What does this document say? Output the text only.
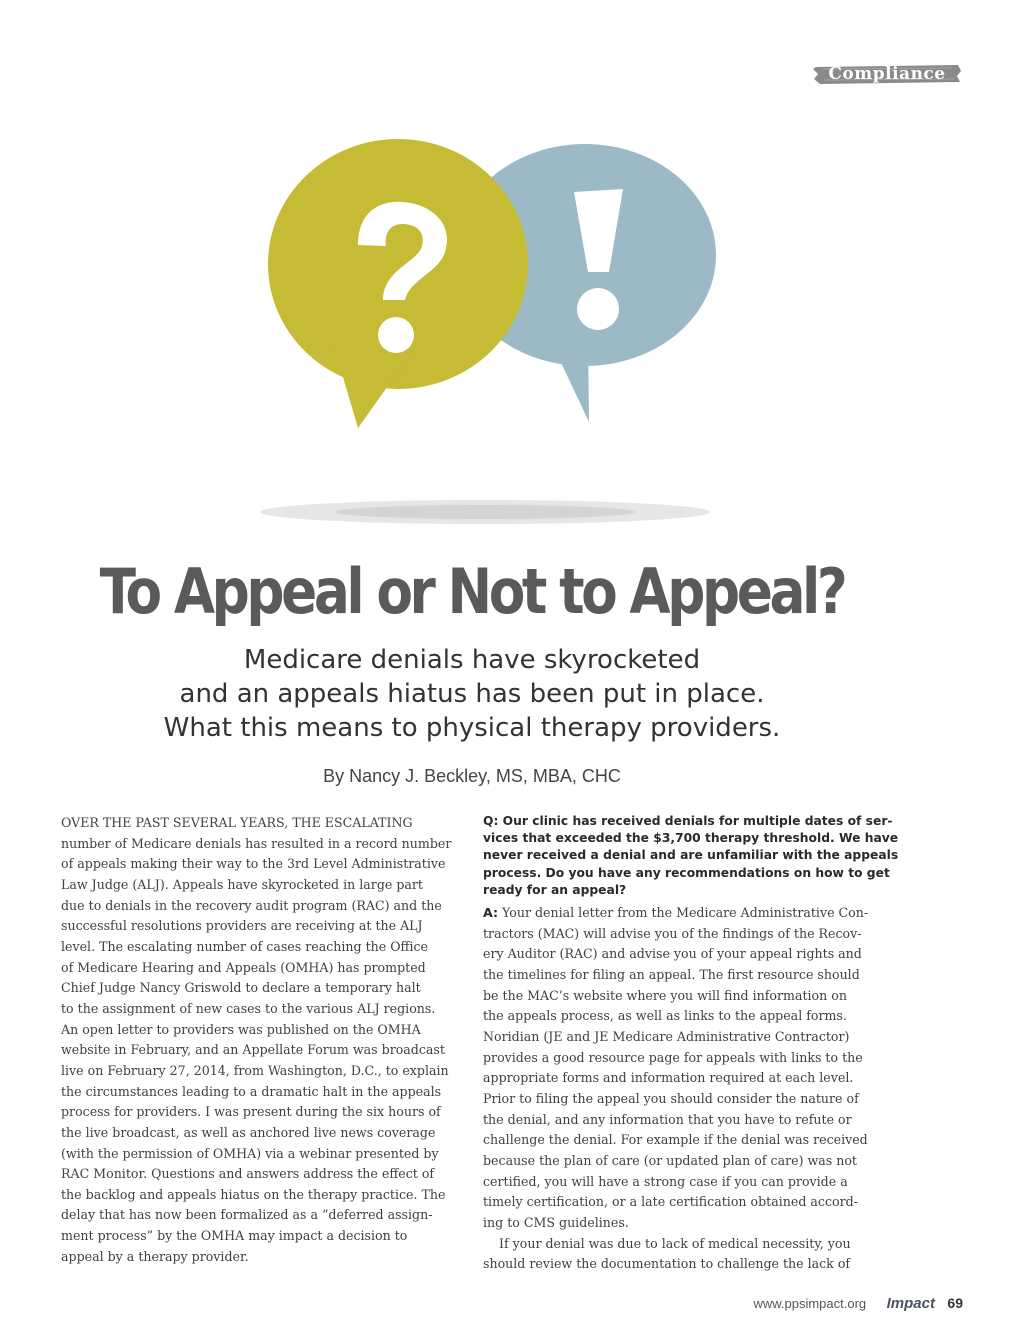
Compliance
To Appeal or Not to Appeal?
Medicare denials have skyrocketed
and an appeals hiatus has been put in place.
What this means to physical therapy providers.
By Nancy J. Beckley, MS, MBA, CHC
OVER THE PAST SEVERAL YEARS, THE ESCALATING
number of Medicare denials has resulted in a record number
of appeals making their way to the 3rd Level Administrative
Law Judge (ALJ). Appeals have skyrocketed in large part
due to denials in the recovery audit program (RAC) and the
successful resolutions providers are receiving at the ALJ
level. The escalating number of cases reaching the Office
of Medicare Hearing and Appeals (OMHA) has prompted
Chief Judge Nancy Griswold to declare a temporary halt
to the assignment of new cases to the various ALJ regions.
An open letter to providers was published on the OMHA
website in February, and an Appellate Forum was broadcast
live on February 27, 2014, from Washington, D.C., to explain
the circumstances leading to a dramatic halt in the appeals
process for providers. I was present during the six hours of
the live broadcast, as well as anchored live news coverage
(with the permission of OMHA) via a webinar presented by
RAC Monitor. Questions and answers address the effect of
the backlog and appeals hiatus on the therapy practice. The
delay that has now been formalized as a “deferred assign-
ment process” by the OMHA may impact a decision to
appeal by a therapy provider.
Q: Our clinic has received denials for multiple dates of ser-
vices that exceeded the $3,700 therapy threshold. We have
never received a denial and are unfamiliar with the appeals
process. Do you have any recommendations on how to get
ready for an appeal?
A: Your denial letter from the Medicare Administrative Con-
tractors (MAC) will advise you of the findings of the Recov-
ery Auditor (RAC) and advise you of your appeal rights and
the timelines for filing an appeal. The first resource should
be the MAC’s website where you will find information on
the appeals process, as well as links to the appeal forms.
Noridian (JE and JE Medicare Administrative Contractor)
provides a good resource page for appeals with links to the
appropriate forms and information required at each level.
Prior to filing the appeal you should consider the nature of
the denial, and any information that you have to refute or
challenge the denial. For example if the denial was received
because the plan of care (or updated plan of care) was not
certified, you will have a strong case if you can provide a
timely certification, or a late certification obtained accord-
ing to CMS guidelines.
If your denial was due to lack of medical necessity, you
should review the documentation to challenge the lack of
www.ppsimpact.org Impact 69
